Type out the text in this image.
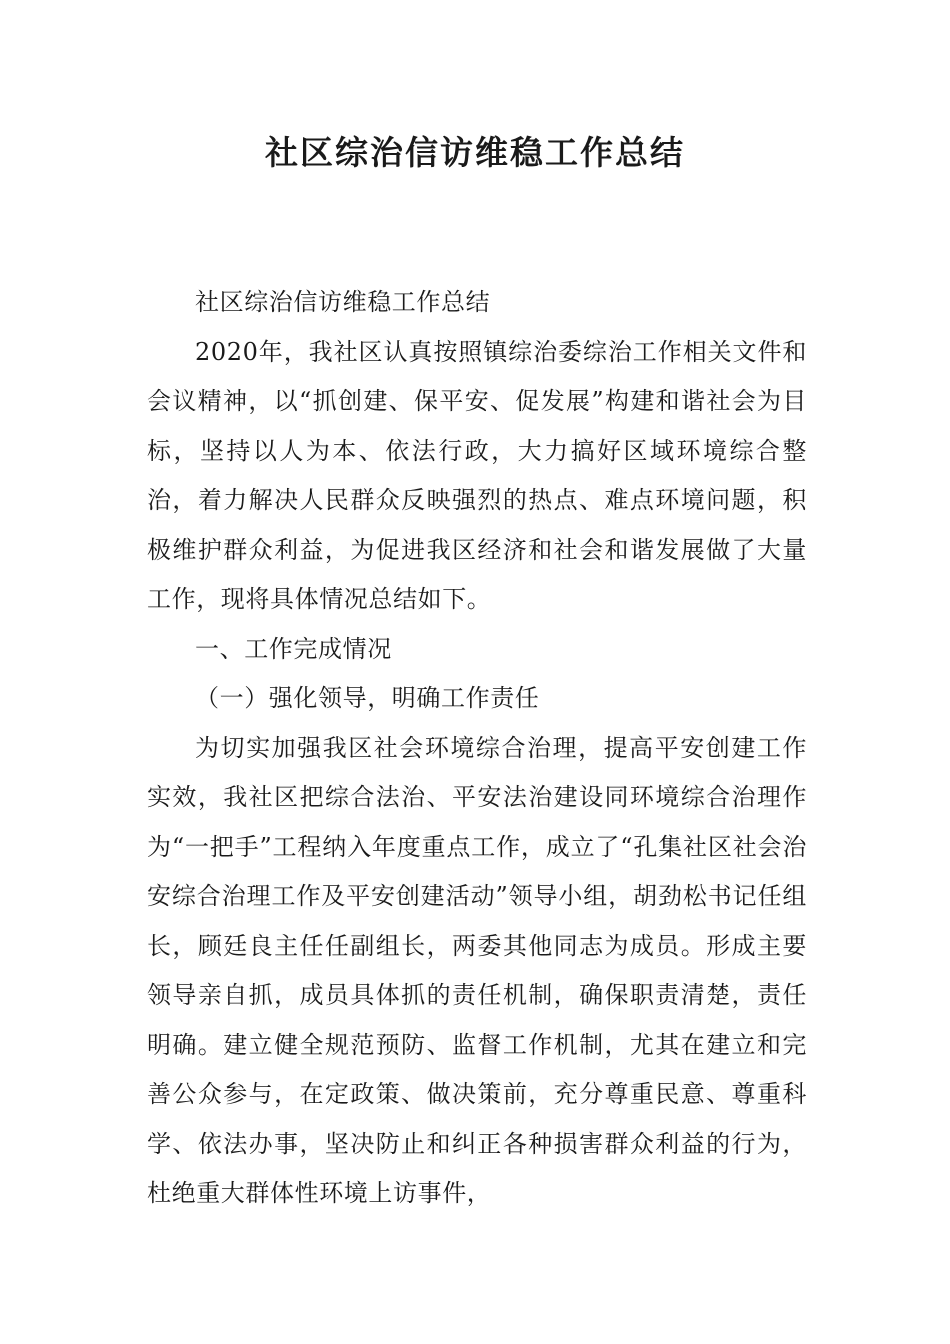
社区综治信访维稳工作总结

社区综治信访维稳工作总结

2020年，我社区认真按照镇综治委综治工作相关文件和会议精神，以“抓创建、保平安、促发展”构建和谐社会为目标，坚持以人为本、依法行政，大力搞好区域环境综合整治，着力解决人民群众反映强烈的热点、难点环境问题，积极维护群众利益，为促进我区经济和社会和谐发展做了大量工作，现将具体情况总结如下。

一、工作完成情况

（一）强化领导，明确工作责任

为切实加强我区社会环境综合治理，提高平安创建工作实效，我社区把综合法治、平安法治建设同环境综合治理作为“一把手”工程纳入年度重点工作，成立了“孔集社区社会治安综合治理工作及平安创建活动”领导小组，胡劲松书记任组长，顾廷良主任任副组长，两委其他同志为成员。形成主要领导亲自抓，成员具体抓的责任机制，确保职责清楚，责任明确。建立健全规范预防、监督工作机制，尤其在建立和完善公众参与，在定政策、做决策前，充分尊重民意、尊重科学、依法办事，坚决防止和纠正各种损害群众利益的行为，杜绝重大群体性环境上访事件，
